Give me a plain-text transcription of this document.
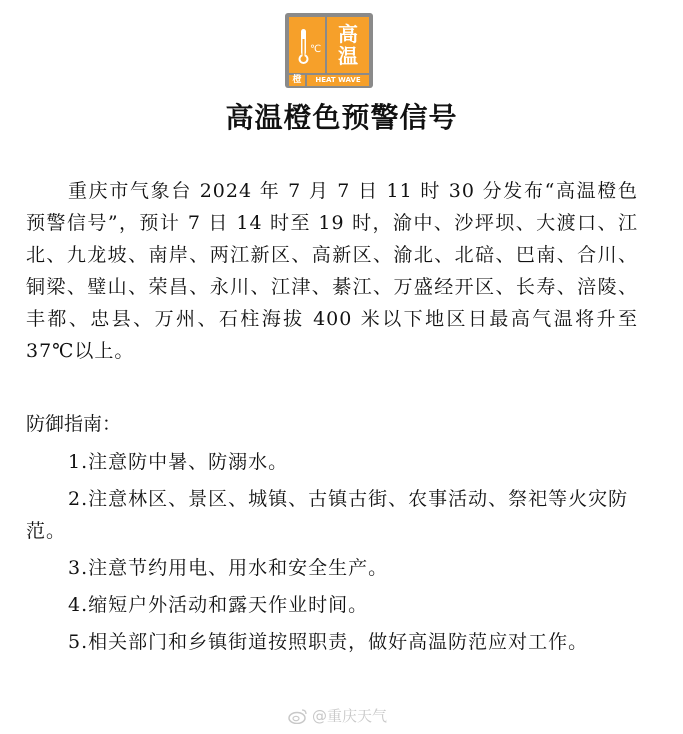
℃
高
温
橙	HEAT WAVE
高温橙色预警信号
重庆市气象台 2024 年 7 月 7 日 11 时 30 分发布“高温橙色预警信号”，预计 7 日 14 时至 19 时，渝中、沙坪坝、大渡口、江北、九龙坡、南岸、两江新区、高新区、渝北、北碚、巴南、合川、铜梁、璧山、荣昌、永川、江津、綦江、万盛经开区、长寿、涪陵、丰都、忠县、万州、石柱海拔 400 米以下地区日最高气温将升至 37℃以上。
防御指南：
1.注意防中暑、防溺水。
2.注意林区、景区、城镇、古镇古街、农事活动、祭祀等火灾防范。
3.注意节约用电、用水和安全生产。
4.缩短户外活动和露天作业时间。
5.相关部门和乡镇街道按照职责，做好高温防范应对工作。
@重庆天气
